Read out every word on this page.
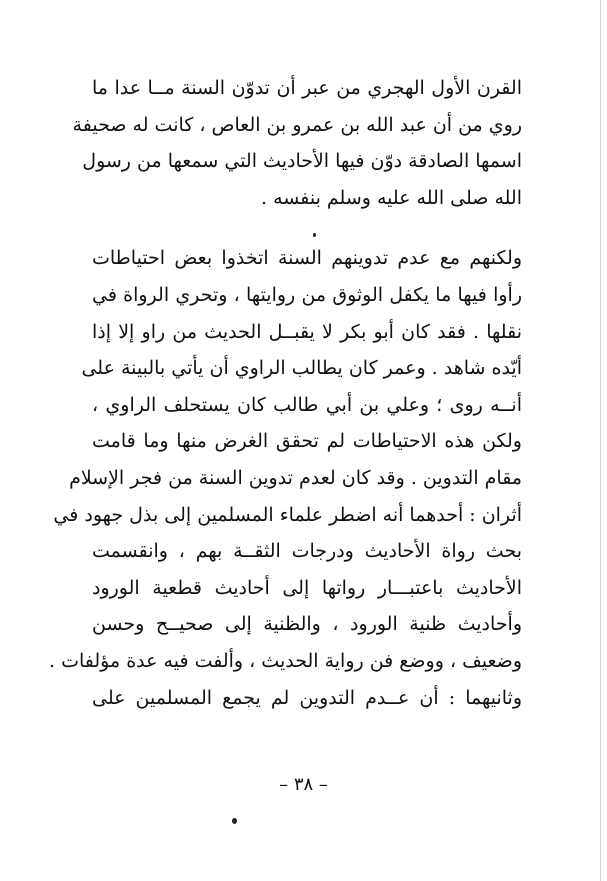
القرن الأول الهجري من عبر أن تدوّن السنة مــا عدا ما
روي من أن عبد الله بن عمرو بن العاص ، كانت له صحيفة
اسمها الصادقة دوّن فيها الأحاديث التي سمعها من رسول
الله صلى الله عليه وسلم بنفسه .
ولكنهم مع عدم تدوينهم السنة اتخذوا بعض احتياطات
رأوا فيها ما يكفل الوثوق من روايتها ، وتحري الرواة في
نقلها . فقد كان أبو بكر لا يقبــل الحديث من راو إلا إذا
أيّده شاهد . وعمر كان يطالب الراوي أن يأتي بالبينة على
أنــه روى ؛ وعلي بن أبي طالب كان يستحلف الراوي ،
ولكن هذه الاحتياطات لم تحقق الغرض منها وما قامت
مقام التدوين . وقد كان لعدم تدوين السنة من فجر الإسلام
أثران : أحدهما أنه اضطر علماء المسلمين إلى بذل جهود في
بحث رواة الأحاديث ودرجات الثقــة بهم ، وانقسمت
الأحاديث باعتبـــار رواتها إلى أحاديث قطعية الورود
وأحاديث ظنية الورود ، والظنية إلى صحيــح وحسن
وضعيف ، ووضع فن رواية الحديث ، وألفت فيه عدة مؤلفات .
وثانيهما : أن عــدم التدوين لم يجمع المسلمين على
– ٣٨ –
